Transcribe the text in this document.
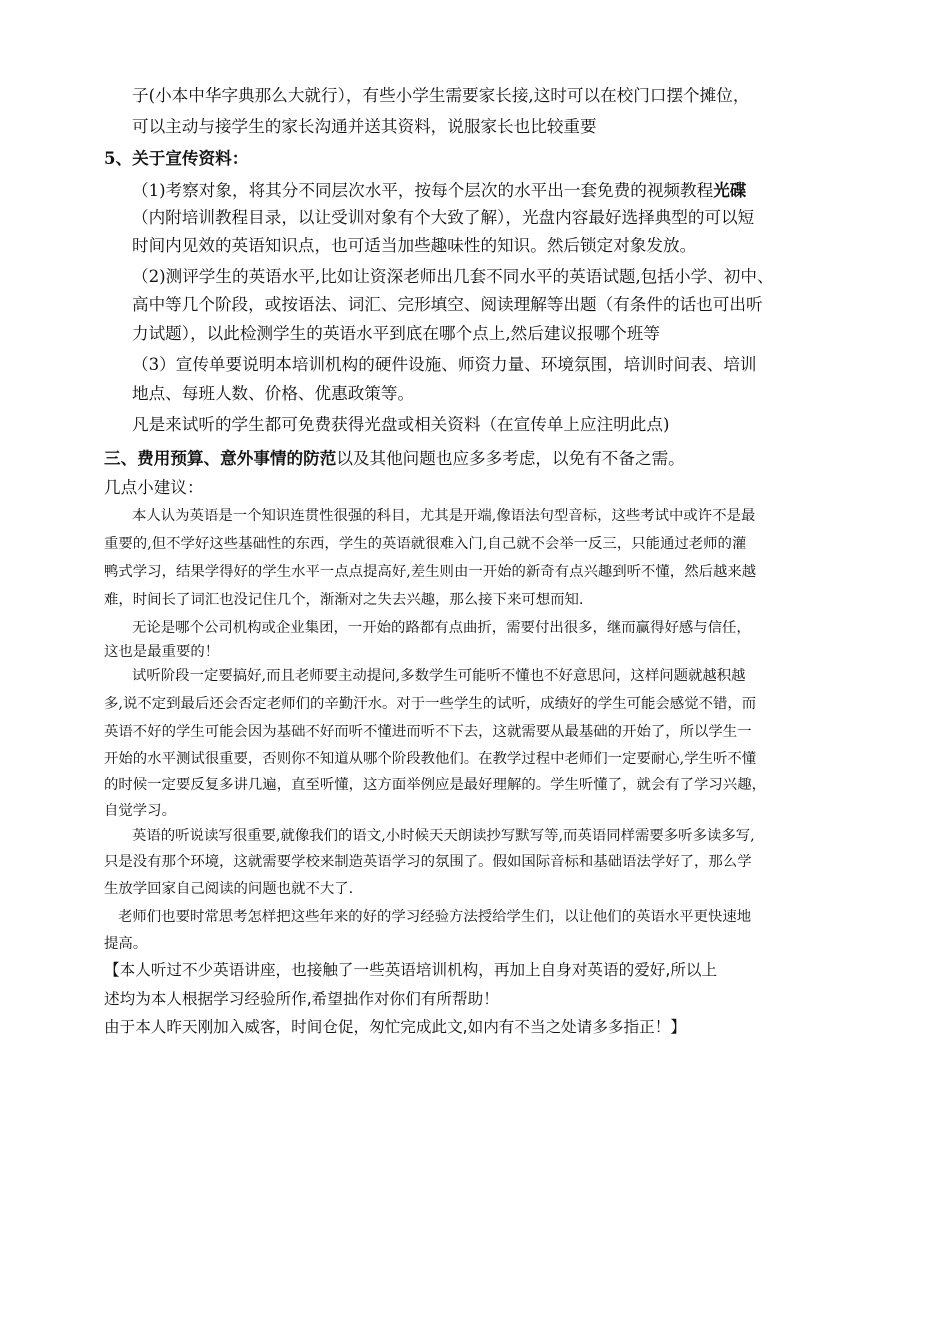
子(小本中华字典那么大就行），有些小学生需要家长接,这时可以在校门口摆个摊位，
可以主动与接学生的家长沟通并送其资料，说服家长也比较重要
5、关于宣传资料：
（1)考察对象，将其分不同层次水平，按每个层次的水平出一套免费的视频教程光碟
（内附培训教程目录，以让受训对象有个大致了解），光盘内容最好选择典型的可以短
时间内见效的英语知识点，也可适当加些趣味性的知识。然后锁定对象发放。
（2)测评学生的英语水平,比如让资深老师出几套不同水平的英语试题,包括小学、初中、
高中等几个阶段，或按语法、词汇、完形填空、阅读理解等出题（有条件的话也可出听
力试题），以此检测学生的英语水平到底在哪个点上,然后建议报哪个班等
（3）宣传单要说明本培训机构的硬件设施、师资力量、环境氛围，培训时间表、培训
地点、每班人数、价格、优惠政策等。
凡是来试听的学生都可免费获得光盘或相关资料（在宣传单上应注明此点)
三、费用预算、意外事情的防范以及其他问题也应多多考虑，以免有不备之需。
几点小建议：
本人认为英语是一个知识连贯性很强的科目，尤其是开端,像语法句型音标，这些考试中或许不是最
重要的,但不学好这些基础性的东西，学生的英语就很难入门,自己就不会举一反三，只能通过老师的灌
鸭式学习，结果学得好的学生水平一点点提高好,差生则由一开始的新奇有点兴趣到听不懂，然后越来越
难，时间长了词汇也没记住几个，渐渐对之失去兴趣，那么接下来可想而知.
无论是哪个公司机构或企业集团，一开始的路都有点曲折，需要付出很多，继而赢得好感与信任，
这也是最重要的！
试听阶段一定要搞好,而且老师要主动提问,多数学生可能听不懂也不好意思问，这样问题就越积越
多,说不定到最后还会否定老师们的辛勤汗水。对于一些学生的试听，成绩好的学生可能会感觉不错，而
英语不好的学生可能会因为基础不好而听不懂进而听不下去，这就需要从最基础的开始了，所以学生一
开始的水平测试很重要，否则你不知道从哪个阶段教他们。在教学过程中老师们一定要耐心,学生听不懂
的时候一定要反复多讲几遍，直至听懂，这方面举例应是最好理解的。学生听懂了，就会有了学习兴趣，
自觉学习。
英语的听说读写很重要,就像我们的语文,小时候天天朗读抄写默写等,而英语同样需要多听多读多写,
只是没有那个环境，这就需要学校来制造英语学习的氛围了。假如国际音标和基础语法学好了，那么学
生放学回家自己阅读的问题也就不大了.
老师们也要时常思考怎样把这些年来的好的学习经验方法授给学生们，以让他们的英语水平更快速地
提高。
【本人听过不少英语讲座，也接触了一些英语培训机构，再加上自身对英语的爱好,所以上
述均为本人根据学习经验所作,希望拙作对你们有所帮助！
由于本人昨天刚加入威客，时间仓促，匆忙完成此文,如内有不当之处请多多指正！】
